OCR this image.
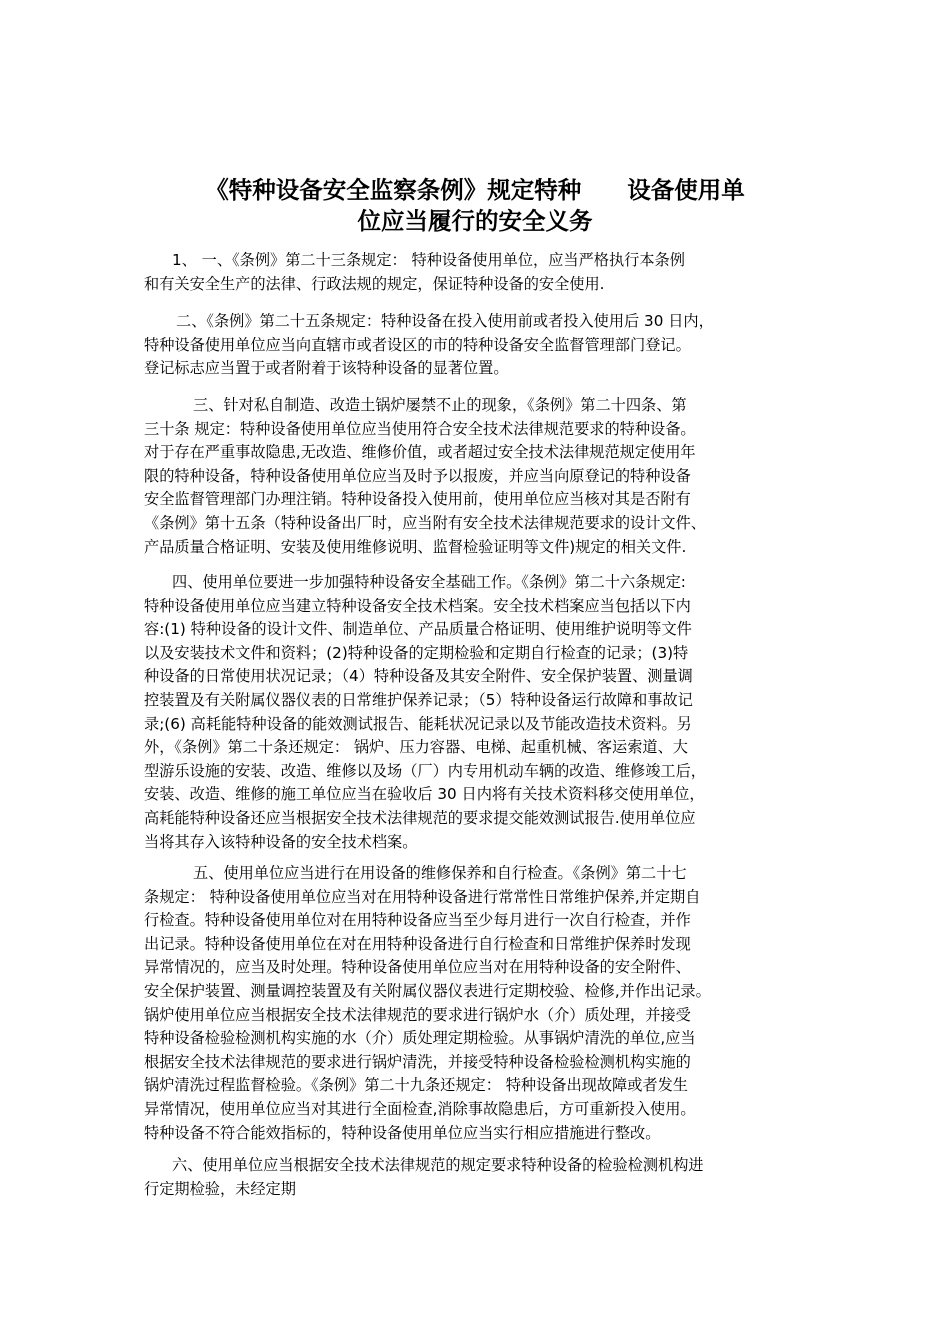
《特种设备安全监察条例》规定特种 设备使用单
位应当履行的安全义务

1、 一、《条例》第二十三条规定： 特种设备使用单位，应当严格执行本条例
和有关安全生产的法律、行政法规的规定，保证特种设备的安全使用.

二、《条例》第二十五条规定：特种设备在投入使用前或者投入使用后 30 日内，
特种设备使用单位应当向直辖市或者设区的市的特种设备安全监督管理部门登记。
登记标志应当置于或者附着于该特种设备的显著位置。

三、针对私自制造、改造土锅炉屡禁不止的现象，《条例》第二十四条、第
三十条 规定：特种设备使用单位应当使用符合安全技术法律规范要求的特种设备。
对于存在严重事故隐患,无改造、维修价值，或者超过安全技术法律规范规定使用年
限的特种设备，特种设备使用单位应当及时予以报废，并应当向原登记的特种设备
安全监督管理部门办理注销。特种设备投入使用前，使用单位应当核对其是否附有
《条例》第十五条（特种设备出厂时，应当附有安全技术法律规范要求的设计文件、
产品质量合格证明、安装及使用维修说明、监督检验证明等文件)规定的相关文件.

四、使用单位要进一步加强特种设备安全基础工作。《条例》第二十六条规定:
特种设备使用单位应当建立特种设备安全技术档案。安全技术档案应当包括以下内
容:(1) 特种设备的设计文件、制造单位、产品质量合格证明、使用维护说明等文件
以及安装技术文件和资料；(2)特种设备的定期检验和定期自行检查的记录；(3)特
种设备的日常使用状况记录；（4）特种设备及其安全附件、安全保护装置、测量调
控装置及有关附属仪器仪表的日常维护保养记录；（5）特种设备运行故障和事故记
录;(6) 高耗能特种设备的能效测试报告、能耗状况记录以及节能改造技术资料。另
外，《条例》第二十条还规定： 锅炉、压力容器、电梯、起重机械、客运索道、大
型游乐设施的安装、改造、维修以及场（厂）内专用机动车辆的改造、维修竣工后，
安装、改造、维修的施工单位应当在验收后 30 日内将有关技术资料移交使用单位，
高耗能特种设备还应当根据安全技术法律规范的要求提交能效测试报告.使用单位应
当将其存入该特种设备的安全技术档案。

五、使用单位应当进行在用设备的维修保养和自行检查。《条例》第二十七
条规定： 特种设备使用单位应当对在用特种设备进行常常性日常维护保养,并定期自
行检查。特种设备使用单位对在用特种设备应当至少每月进行一次自行检查，并作
出记录。特种设备使用单位在对在用特种设备进行自行检查和日常维护保养时发现
异常情况的，应当及时处理。特种设备使用单位应当对在用特种设备的安全附件、
安全保护装置、测量调控装置及有关附属仪器仪表进行定期校验、检修,并作出记录。
锅炉使用单位应当根据安全技术法律规范的要求进行锅炉水（介）质处理，并接受
特种设备检验检测机构实施的水（介）质处理定期检验。从事锅炉清洗的单位,应当
根据安全技术法律规范的要求进行锅炉清洗，并接受特种设备检验检测机构实施的
锅炉清洗过程监督检验。《条例》第二十九条还规定： 特种设备出现故障或者发生
异常情况，使用单位应当对其进行全面检查,消除事故隐患后，方可重新投入使用。
特种设备不符合能效指标的，特种设备使用单位应当实行相应措施进行整改。

六、使用单位应当根据安全技术法律规范的规定要求特种设备的检验检测机构进
行定期检验，未经定期
